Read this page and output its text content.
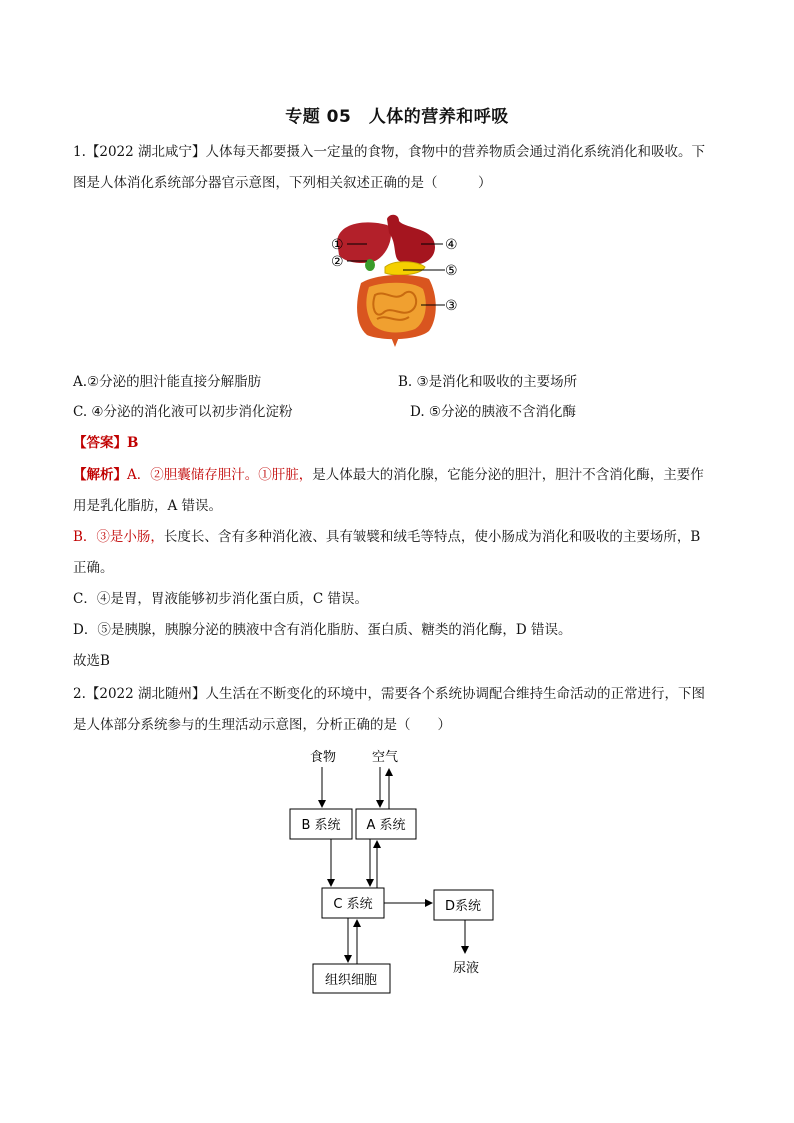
专题 05　人体的营养和呼吸
1.【2022 湖北咸宁】人体每天都要摄入一定量的食物，食物中的营养物质会通过消化系统消化和吸收。下
图是人体消化系统部分器官示意图，下列相关叙述正确的是（　　　）
①
②
④
⑤
③
A.②分泌的胆汁能直接分解脂肪	B. ③是消化和吸收的主要场所
C. ④分泌的消化液可以初步消化淀粉	D. ⑤分泌的胰液不含消化酶
【答案】B
【解析】A．②胆囊储存胆汁。①肝脏，是人体最大的消化腺，它能分泌的胆汁，胆汁不含消化酶，主要作
用是乳化脂肪，A 错误。
B．③是小肠，长度长、含有多种消化液、具有皱襞和绒毛等特点，使小肠成为消化和吸收的主要场所，B
正确。
C．④是胃，胃液能够初步消化蛋白质，C 错误。
D．⑤是胰腺，胰腺分泌的胰液中含有消化脂肪、蛋白质、糖类的消化酶，D 错误。
故选B
2.【2022 湖北随州】人生活在不断变化的环境中，需要各个系统协调配合维持生命活动的正常进行，下图
是人体部分系统参与的生理活动示意图，分析正确的是（　　）
食物	空气
B 系统 A 系统
C 系统	D系统
组织细胞
尿液
